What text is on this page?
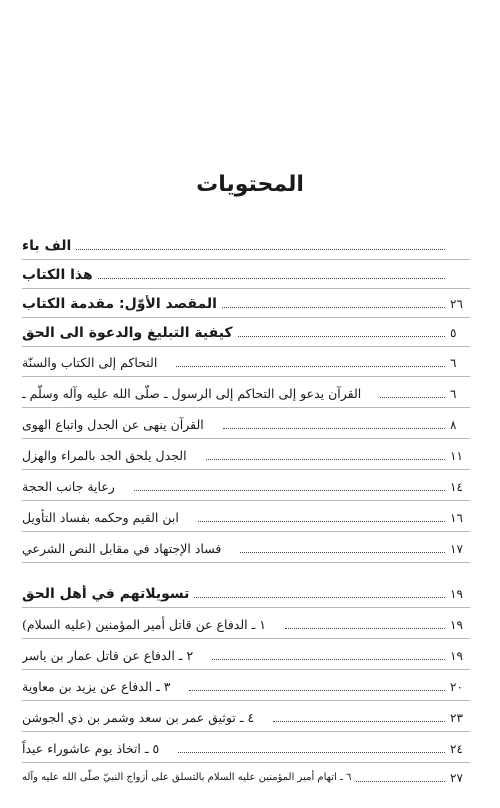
المحتويات
الف باء
هذا الكتاب
المقصد الأوّل: مقدمة الكتاب	٢٦
كيفية التبليغ والدعوة الى الحق	٥
التحاكم إلى الكتاب والسنّة	٦
القرآن يدعو إلى التحاكم إلى الرسول ـ صلّى الله عليه وآله وسلّم ـ	٦
القرآن ينهى عن الجدل واتباع الهوى	٨
الجدل يلحق الجد بالمراء والهزل	١١
رعاية جانب الحجة	١٤
ابن القيم وحكمه بفساد التأويل	١٦
فساد الإجتهاد في مقابل النص الشرعي	١٧
تسويلاتهم في أهل الحق	١٩
١ ـ الدفاع عن قاتل أمير المؤمنين (عليه السلام)	١٩
٢ ـ الدفاع عن قاتل عمار بن ياسر	١٩
٣ ـ الدفاع عن يزيد بن معاوية	٢٠
٤ ـ توثيق عمر بن سعد وشمر بن ذي الجوشن	٢٣
٥ ـ اتخاذ يوم عاشوراء عيداً	٢٤
٦ ـ اتهام أمير المؤمنين عليه السلام بالتسلق على أزواج النبيّ صلّى الله عليه وآله	٢٧
